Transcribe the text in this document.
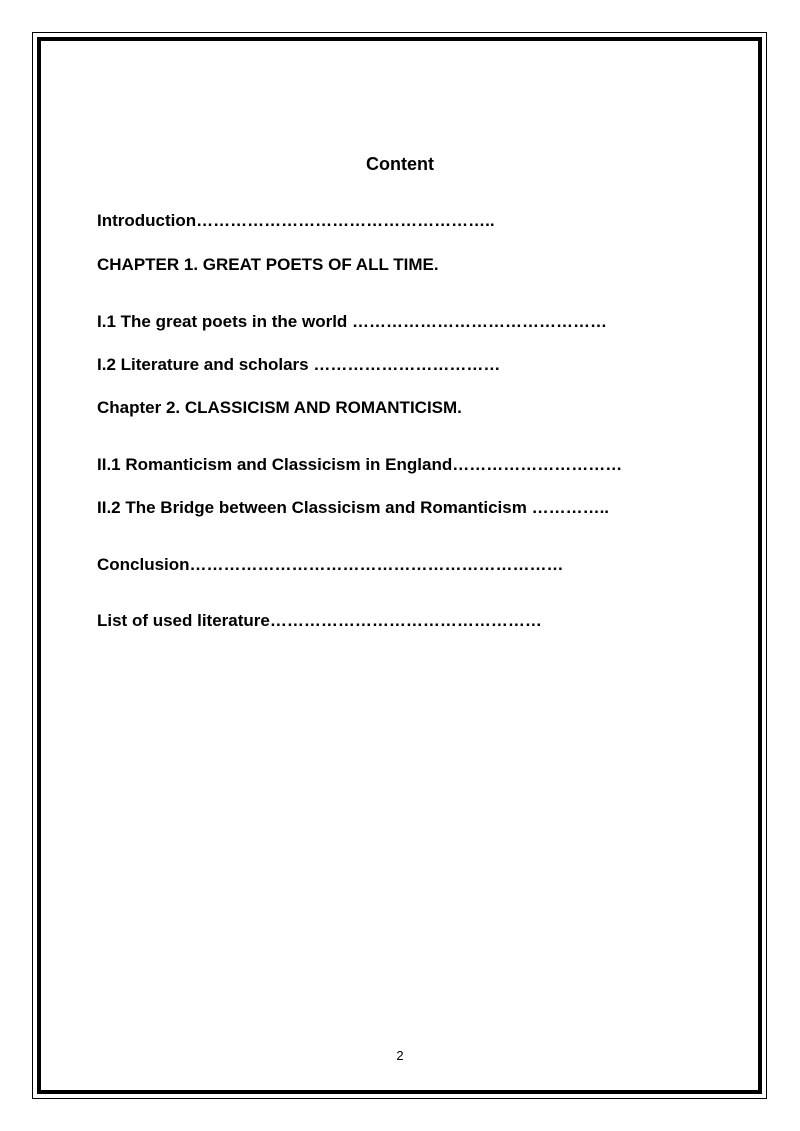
Content
Introduction……………………………………………..
CHAPTER 1. GREAT POETS OF ALL TIME.
I.1 The great poets in the world ………………………………………
I.2 Literature and scholars ……………………………
Chapter 2. CLASSICISM AND ROMANTICISM.
II.1 Romanticism and Classicism in England…………………………
II.2 The Bridge between Classicism and Romanticism …………..
Conclusion…………………………………………………………
List of used literature…………………………………………
2
